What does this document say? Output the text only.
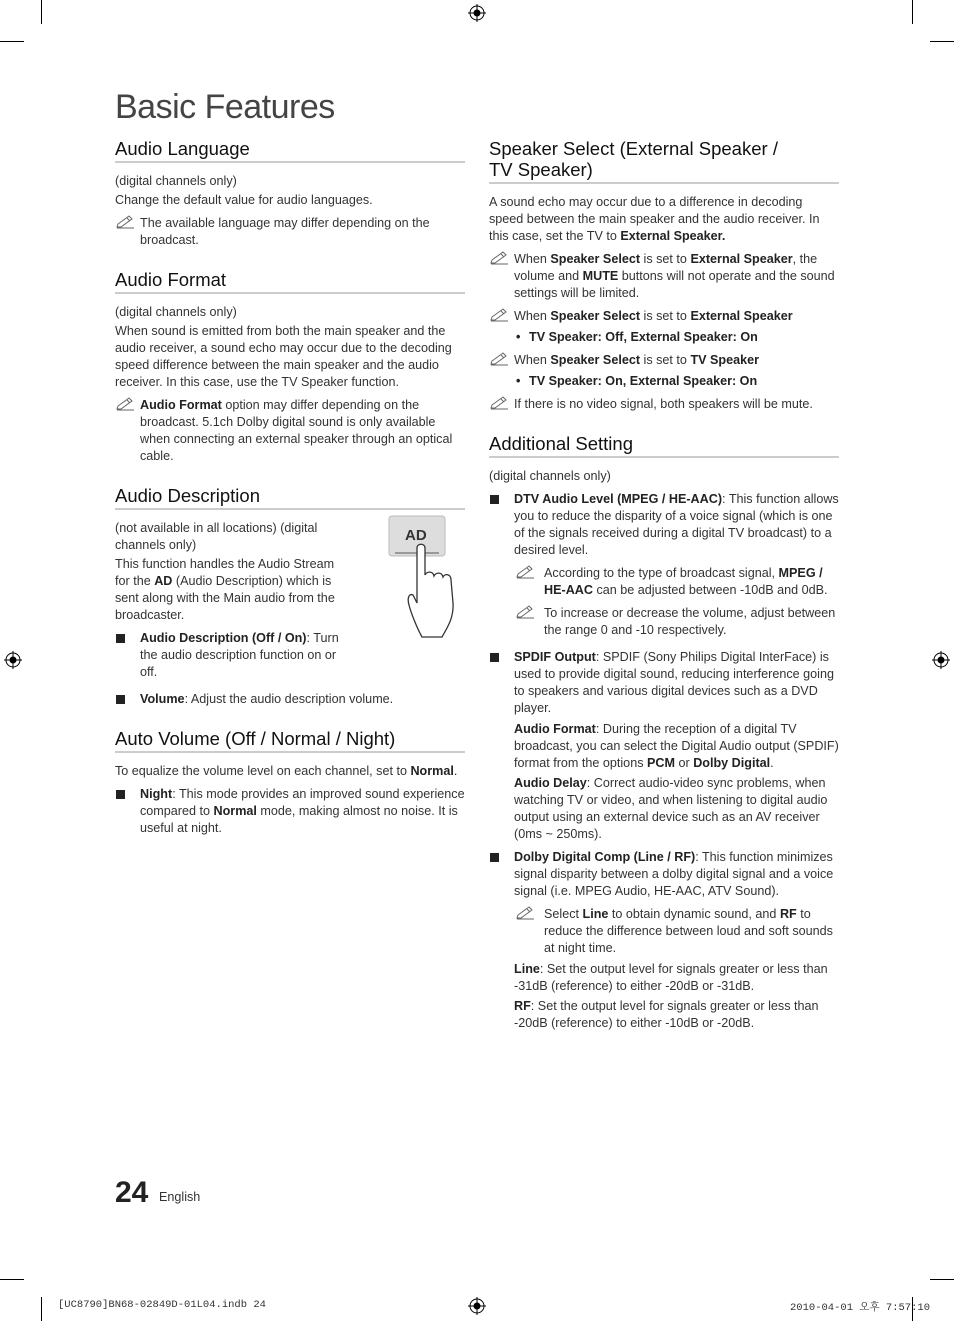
Basic Features
Audio Language

(digital channels only)

Change the default value for audio languages.

The available language may differ depending on the broadcast.
Audio Format

(digital channels only)

When sound is emitted from both the main speaker and the audio receiver, a sound echo may occur due to the decoding speed difference between the main speaker and the audio receiver. In this case, use the TV Speaker function.

Audio Format option may differ depending on the broadcast. 5.1ch Dolby digital sound is only available when connecting an external speaker through an optical cable.
Audio Description

(not available in all locations) (digital channels only)

This function handles the Audio Stream for the AD (Audio Description) which is sent along with the Main audio from the broadcaster.

Audio Description (Off / On): Turn the audio description function on or off.
Volume: Adjust the audio description volume.
Auto Volume (Off / Normal / Night)

To equalize the volume level on each channel, set to Normal.

Night: This mode provides an improved sound experience compared to Normal mode, making almost no noise. It is useful at night.
AD
Speaker Select (External Speaker /
TV Speaker)

A sound echo may occur due to a difference in decoding speed between the main speaker and the audio receiver. In this case, set the TV to External Speaker.

When Speaker Select is set to External Speaker, the volume and MUTE buttons will not operate and the sound settings will be limited.
When Speaker Select is set to External Speaker
• TV Speaker: Off, External Speaker: On
When Speaker Select is set to TV Speaker
• TV Speaker: On, External Speaker: On
If there is no video signal, both speakers will be mute.
Additional Setting

(digital channels only)

DTV Audio Level (MPEG / HE-AAC): This function allows you to reduce the disparity of a voice signal (which is one of the signals received during a digital TV broadcast) to a desired level.
According to the type of broadcast signal, MPEG / HE-AAC can be adjusted between -10dB and 0dB.
To increase or decrease the volume, adjust between the range 0 and -10 respectively.
SPDIF Output: SPDIF (Sony Philips Digital InterFace) is used to provide digital sound, reducing interference going to speakers and various digital devices such as a DVD player.
Audio Format: During the reception of a digital TV broadcast, you can select the Digital Audio output (SPDIF) format from the options PCM or Dolby Digital.
Audio Delay: Correct audio-video sync problems, when watching TV or video, and when listening to digital audio output using an external device such as an AV receiver (0ms ~ 250ms).
Dolby Digital Comp (Line / RF): This function minimizes signal disparity between a dolby digital signal and a voice signal (i.e. MPEG Audio, HE-AAC, ATV Sound).
Select Line to obtain dynamic sound, and RF to reduce the difference between loud and soft sounds at night time.
Line: Set the output level for signals greater or less than -31dB (reference) to either -20dB or -31dB.
RF: Set the output level for signals greater or less than -20dB (reference) to either -10dB or -20dB.
24 English
[UC8790]BN68-02849D-01L04.indb 24	2010-04-01 오후 7:57:10
